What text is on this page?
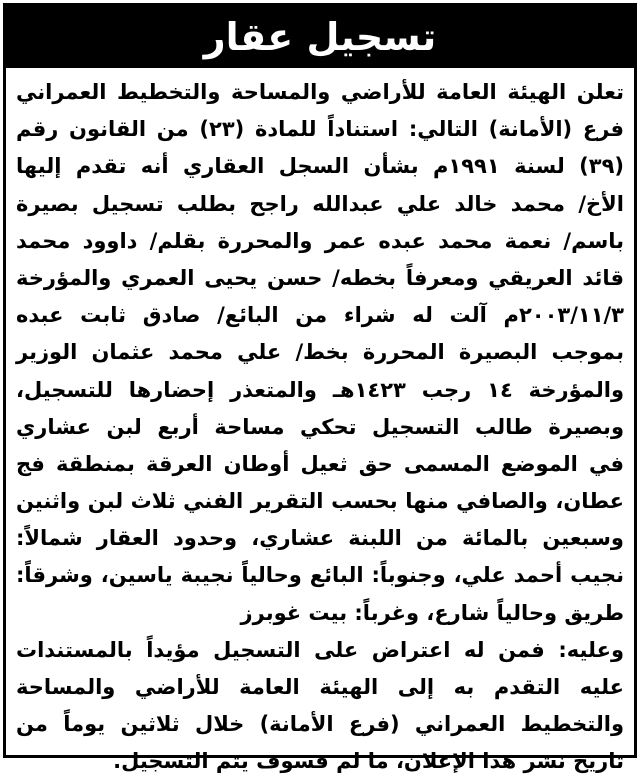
تسجيل عقار
تعلن الهيئة العامة للأراضي والمساحة والتخطيط العمراني
فرع (الأمانة) التالي: استناداً للمادة (٢٣) من القانون رقم
(٣٩) لسنة ١٩٩١م بشأن السجل العقاري أنه تقدم إليها
الأخ/ محمد خالد علي عبدالله راجح بطلب تسجيل بصيرة
باسم/ نعمة محمد عبده عمر والمحررة بقلم/ داوود محمد
قائد العريقي ومعرفاً بخطه/ حسن يحيى العمري والمؤرخة
٢٠٠٣/١١/٣م آلت له شراء من البائع/ صادق ثابت عبده
بموجب البصيرة المحررة بخط/ علي محمد عثمان الوزير
والمؤرخة ١٤ رجب ١٤٢٣هـ والمتعذر إحضارها للتسجيل،
وبصيرة طالب التسجيل تحكي مساحة أربع لبن عشاري
في الموضع المسمى حق ثعيل أوطان العرقة بمنطقة فج
عطان، والصافي منها بحسب التقرير الفني ثلاث لبن واثنين
وسبعين بالمائة من اللبنة عشاري، وحدود العقار شمالاً:
نجيب أحمد علي، وجنوباً: البائع وحالياً نجيبة ياسين، وشرقاً:
طريق وحالياً شارع، وغرباً: بيت غوبرز
وعليه: فمن له اعتراض على التسجيل مؤيداً بالمستندات
عليه التقدم به إلى الهيئة العامة للأراضي والمساحة
والتخطيط العمراني (فرع الأمانة) خلال ثلاثين يوماً من
تاريخ نشر هذا الإعلان، ما لم فسوف يتم التسجيل.
